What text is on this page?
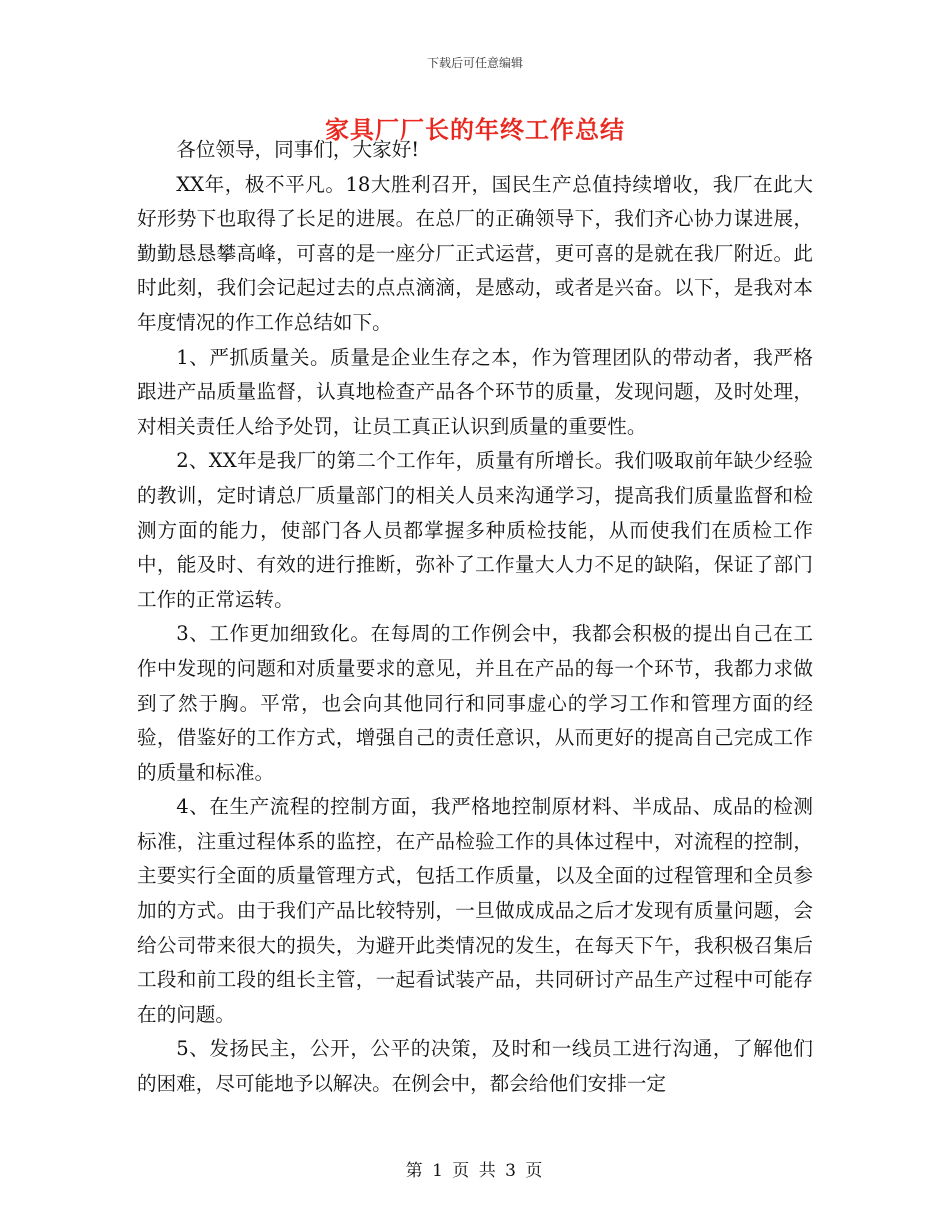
下载后可任意编辑
家具厂厂长的年终工作总结

各位领导，同事们，大家好!

XX年，极不平凡。18大胜利召开，国民生产总值持续增收，我厂在此大好形势下也取得了长足的进展。在总厂的正确领导下，我们齐心协力谋进展，勤勤恳恳攀高峰，可喜的是一座分厂正式运营，更可喜的是就在我厂附近。此时此刻，我们会记起过去的点点滴滴，是感动，或者是兴奋。以下，是我对本年度情况的作工作总结如下。

1、严抓质量关。质量是企业生存之本，作为管理团队的带动者，我严格跟进产品质量监督，认真地检查产品各个环节的质量，发现问题，及时处理，对相关责任人给予处罚，让员工真正认识到质量的重要性。

2、XX年是我厂的第二个工作年，质量有所增长。我们吸取前年缺少经验的教训，定时请总厂质量部门的相关人员来沟通学习，提高我们质量监督和检测方面的能力，使部门各人员都掌握多种质检技能，从而使我们在质检工作中，能及时、有效的进行推断，弥补了工作量大人力不足的缺陷，保证了部门工作的正常运转。

3、工作更加细致化。在每周的工作例会中，我都会积极的提出自己在工作中发现的问题和对质量要求的意见，并且在产品的每一个环节，我都力求做到了然于胸。平常，也会向其他同行和同事虚心的学习工作和管理方面的经验，借鉴好的工作方式，增强自己的责任意识，从而更好的提高自己完成工作的质量和标准。

4、在生产流程的控制方面，我严格地控制原材料、半成品、成品的检测标准，注重过程体系的监控，在产品检验工作的具体过程中，对流程的控制，主要实行全面的质量管理方式，包括工作质量，以及全面的过程管理和全员参加的方式。由于我们产品比较特别，一旦做成成品之后才发现有质量问题，会给公司带来很大的损失，为避开此类情况的发生，在每天下午，我积极召集后工段和前工段的组长主管，一起看试装产品，共同研讨产品生产过程中可能存在的问题。

5、发扬民主，公开，公平的决策，及时和一线员工进行沟通，了解他们的困难，尽可能地予以解决。在例会中，都会给他们安排一定

第 1 页 共 3 页
